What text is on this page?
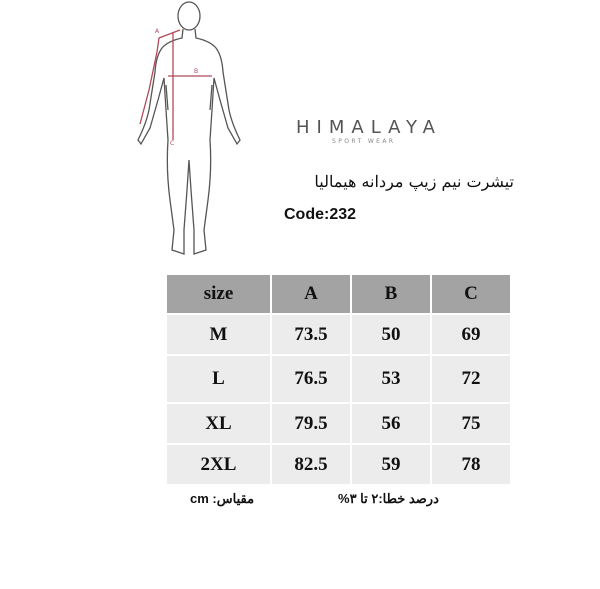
A
B
C
HIMALAYA
SPORT WEAR
تیشرت نیم زیپ مردانه هیمالیا
Code:232
size	A	B	C
M	73.5	50	69
L	76.5	53	72
XL	79.5	56	75
2XL	82.5	59	78
مقیاس: cm	درصد خطا:۲ تا ۳%
